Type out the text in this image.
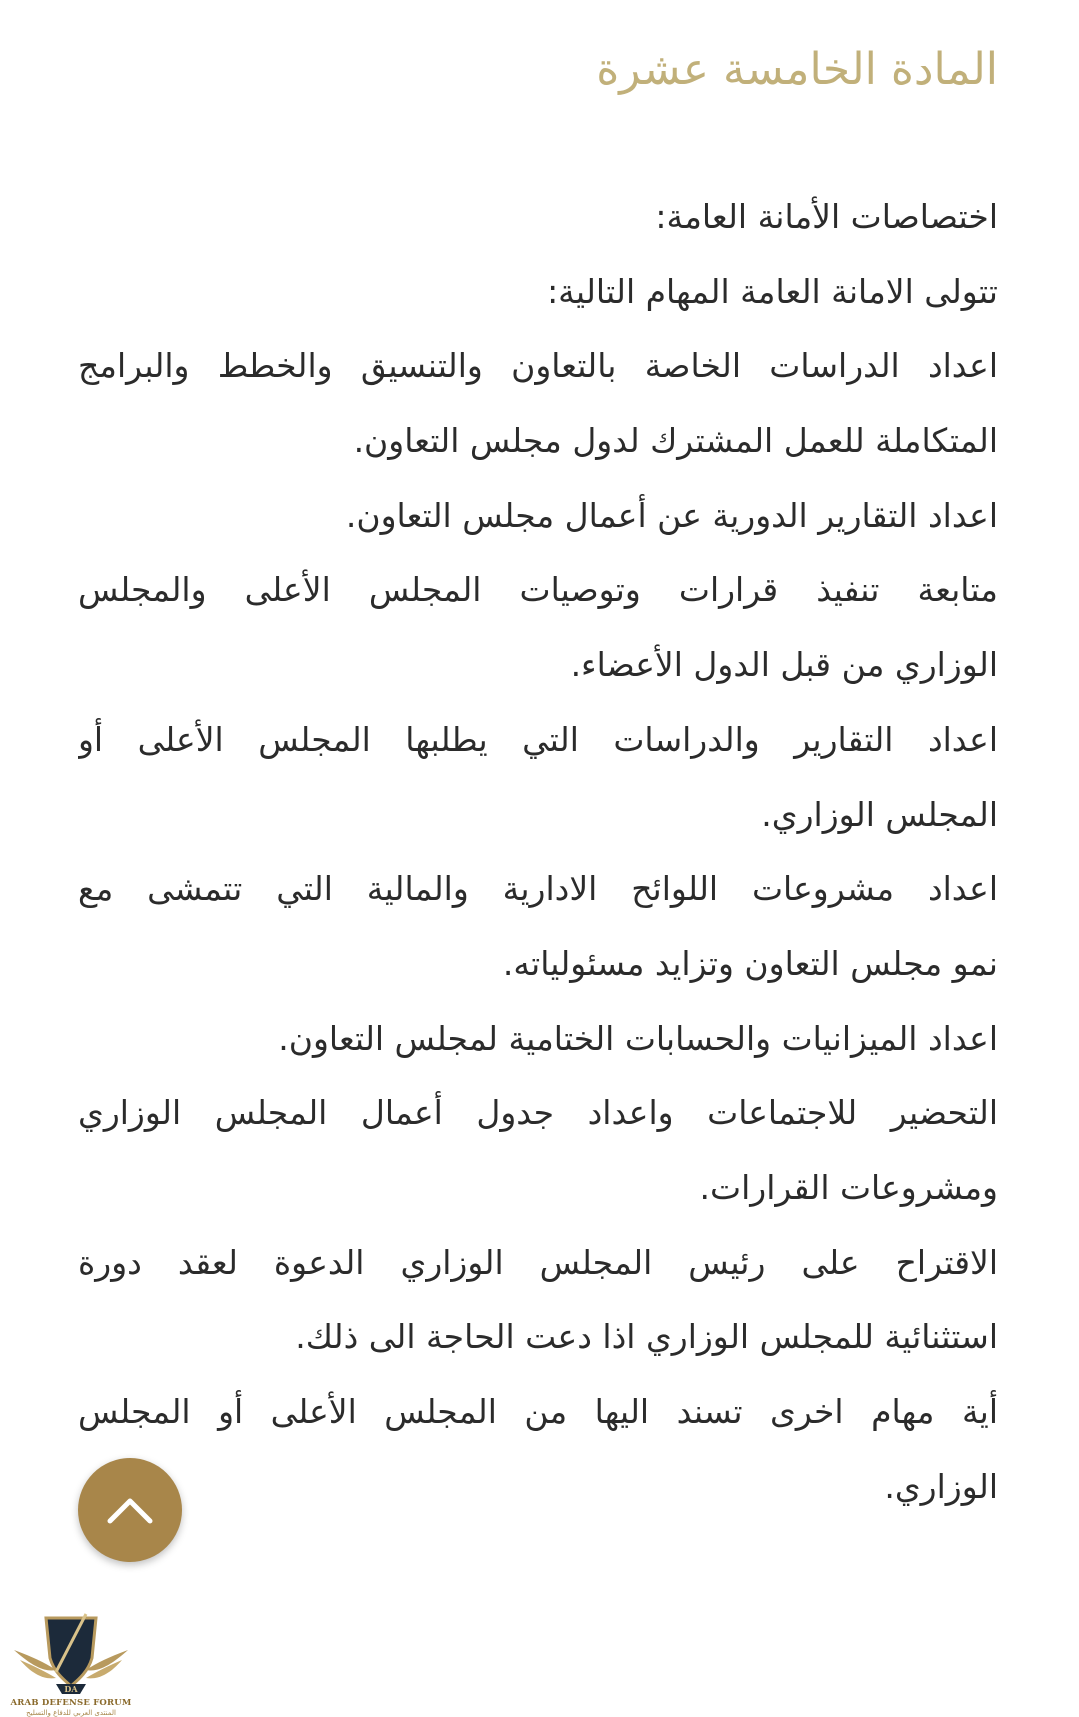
المادة الخامسة عشرة

اختصاصات الأمانة العامة:

تتولى الامانة العامة المهام التالية:

اعداد الدراسات الخاصة بالتعاون والتنسيق والخطط والبرامج

المتكاملة للعمل المشترك لدول مجلس التعاون.

اعداد التقارير الدورية عن أعمال مجلس التعاون.

متابعة تنفيذ قرارات وتوصيات المجلس الأعلى والمجلس

الوزاري من قبل الدول الأعضاء.

اعداد التقارير والدراسات التي يطلبها المجلس الأعلى أو

المجلس الوزاري.

اعداد مشروعات اللوائح الادارية والمالية التي تتمشى مع

نمو مجلس التعاون وتزايد مسئولياته.

اعداد الميزانيات والحسابات الختامية لمجلس التعاون.

التحضير للاجتماعات واعداد جدول أعمال المجلس الوزاري

ومشروعات القرارات.

الاقتراح على رئيس المجلس الوزاري الدعوة لعقد دورة

استثنائية للمجلس الوزاري اذا دعت الحاجة الى ذلك.

أية مهام اخرى تسند اليها من المجلس الأعلى أو المجلس

الوزاري.

DA
ARAB DEFENSE FORUM
المنتدى العربي للدفاع والتسليح
